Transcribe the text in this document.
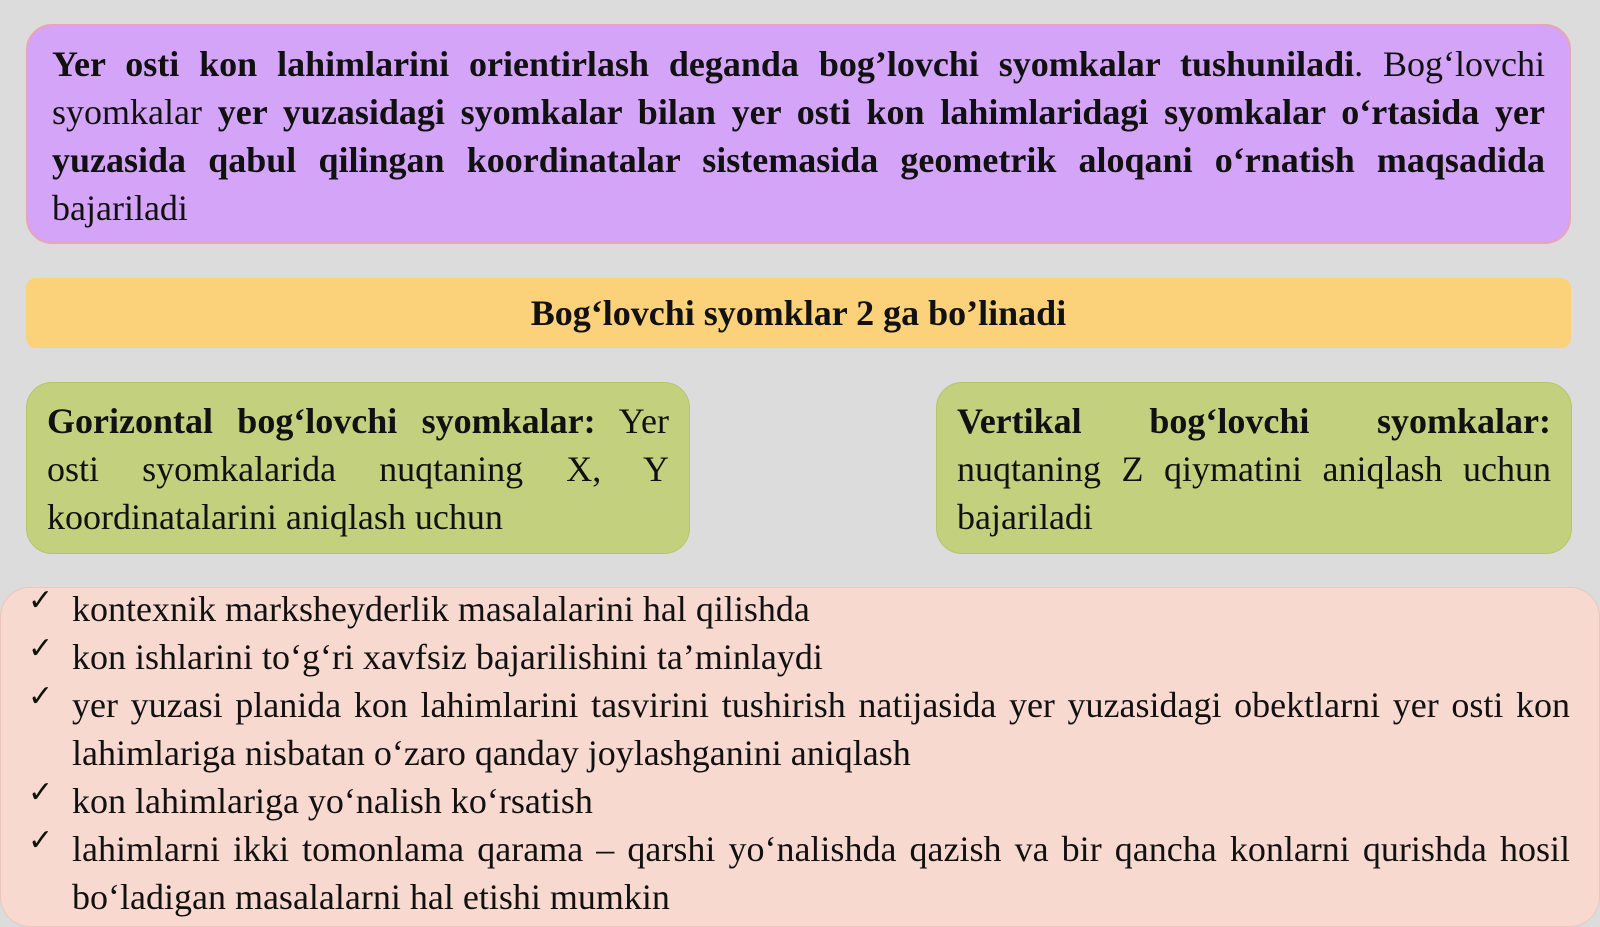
Yer osti kon lahimlarini orientirlash deganda bog’lovchi syomkalar tushuniladi. Bog‘lovchi syomkalar yer yuzasidagi syomkalar bilan yer osti kon lahimlaridagi syomkalar o‘rtasida yer yuzasida qabul qilingan koordinatalar sistemasida geometrik aloqani o‘rnatish maqsadida bajariladi
Bog‘lovchi syomklar 2 ga bo’linadi
Gorizontal bog‘lovchi syomkalar: Yer osti syomkalarida nuqtaning X, Y koordinatalarini aniqlash uchun
Vertikal bog‘lovchi syomkalar: nuqtaning Z qiymatini aniqlash uchun bajariladi
✓ kontexnik marksheyderlik masalalarini hal qilishda
✓ kon ishlarini to‘g‘ri xavfsiz bajarilishini ta’minlaydi
✓ yer yuzasi planida kon lahimlarini tasvirini tushirish natijasida yer yuzasidagi obektlarni yer osti kon lahimlariga nisbatan o‘zaro qanday joylashganini aniqlash
✓ kon lahimlariga yo‘nalish ko‘rsatish
✓ lahimlarni ikki tomonlama qarama – qarshi yo‘nalishda qazish va bir qancha konlarni qurishda hosil bo‘ladigan masalalarni hal etishi mumkin
